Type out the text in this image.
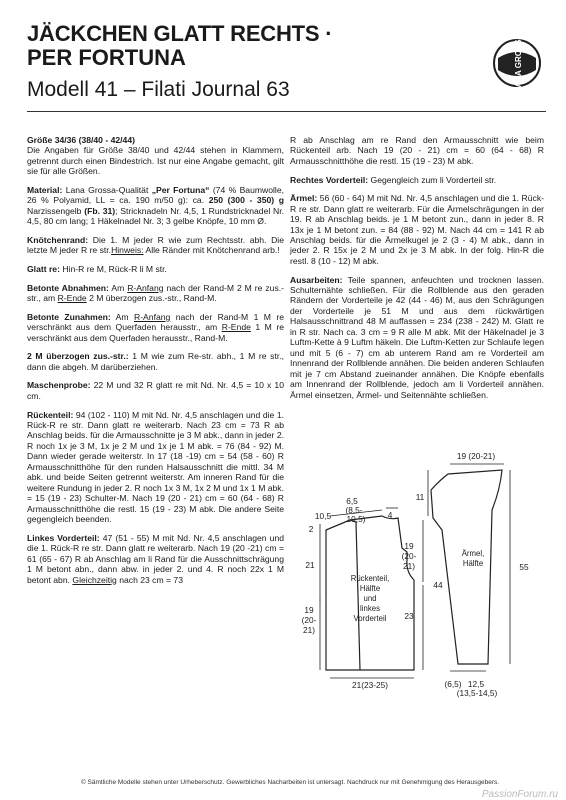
JÄCKCHEN GLATT RECHTS ·
PER FORTUNA
Modell 41 – Filati Journal 63	LANA GROSSA

Größe 34/36 (38/40 - 42/44)
Die Angaben für Größe 38/40 und 42/44 stehen in Klammern, getrennt durch einen Bindestrich. Ist nur eine Angabe gemacht, gilt sie für alle Größen.

Material: Lana Grossa-Qualität „Per Fortuna“ (74 % Baumwolle, 26 % Polyamid, LL = ca. 190 m/50 g): ca. 250 (300 - 350) g Narzissengelb (Fb. 31); Stricknadeln Nr. 4,5, 1 Rundstricknadel Nr. 4,5, 80 cm lang; 1 Häkelnadel Nr. 3; 3 gelbe Knöpfe, 10 mm Ø.

Knötchenrand: Die 1. M jeder R wie zum Rechtsstr. abh. Die letzte M jeder R re str.Hinweis: Alle Ränder mit Knötchenrand arb.!

Glatt re: Hin-R re M, Rück-R li M str.

Betonte Abnahmen: Am R-Anfang nach der Rand-M 2 M re zus.-str., am R-Ende 2 M überzogen zus.-str., Rand-M.

Betonte Zunahmen: Am R-Anfang nach der Rand-M 1 M re verschränkt aus dem Querfaden herausstr., am R-Ende 1 M re verschränkt aus dem Querfaden herausstr., Rand-M.

2 M überzogen zus.-str.: 1 M wie zum Re-str. abh., 1 M re str., dann die abgeh. M darüberziehen.

Maschenprobe: 22 M und 32 R glatt re mit Nd. Nr. 4,5 = 10 x 10 cm.

Rückenteil: 94 (102 - 110) M mit Nd. Nr. 4,5 anschlagen und die 1. Rück-R re str. Dann glatt re weiterarb. Nach 23 cm = 73 R ab Anschlag beids. für die Armausschnitte je 3 M abk., dann in jeder 2. R noch 1x je 3 M, 1x je 2 M und 1x je 1 M abk. = 76 (84 - 92) M. Dann wieder gerade weiterstr. In 17 (18 -19) cm = 54 (58 - 60) R Armausschnitthöhe für den runden Halsausschnitt die mittl. 34 M abk. und beide Seiten getrennt weiterstr. Am inneren Rand für die weitere Rundung in jeder 2. R noch 1x 3 M, 1x 2 M und 1x 1 M abk. = 15 (19 - 23) Schulter-M. Nach 19 (20 - 21) cm = 60 (64 - 68) R Armausschnitthöhe die restl. 15 (19 - 23) M abk. Die andere Seite gegengleich beenden.

Linkes Vorderteil: 47 (51 - 55) M mit Nd. Nr. 4,5 anschlagen und die 1. Rück-R re str. Dann glatt re weiterarb. Nach 19 (20 -21) cm = 61 (65 - 67) R ab Anschlag am li Rand für die Ausschnittschrägung 1 M betont abn., dann abw. in jeder 2. und 4. R noch 22x 1 M betont abn. Gleichzeitig nach 23 cm = 73

R ab Anschlag am re Rand den Armausschnitt wie beim Rückenteil arb. Nach 19 (20 - 21) cm = 60 (64 - 68) R Armausschnitthöhe die restl. 15 (19 - 23) M abk.

Rechtes Vorderteil: Gegengleich zum li Vorderteil str.

Ärmel: 56 (60 - 64) M mit Nd. Nr. 4,5 anschlagen und die 1. Rück-R re str. Dann glatt re weiterarb. Für die Ärmelschrägungen in der 19. R ab Anschlag beids. je 1 M betont zun., dann in jeder 8. R 13x je 1 M betont zun. = 84 (88 - 92) M. Nach 44 cm = 141 R ab Anschlag beids. für die Ärmelkugel je 2 (3 - 4) M abk., dann in jeder 2. R 15x je 2 M und 2x je 3 M abk. In der folg. Hin-R die restl. 8 (10 - 12) M abk.

Ausarbeiten: Teile spannen, anfeuchten und trocknen lassen. Schulternähte schließen. Für die Rollblende aus den geraden Rändern der Vorderteile je 42 (44 - 46) M, aus den Schrägungen der Vorderteile je 51 M und aus dem rückwärtigen Halsausschnittrand 48 M auffassen = 234 (238 - 242) M. Glatt re in R str. Nach ca. 3 cm = 9 R alle M abk. Mit der Häkelnadel je 3 Luftm-Kette à 9 Luftm häkeln. Die Luftm-Ketten zur Schlaufe legen und mit 5 (6 - 7) cm ab unterem Rand am re Vorderteil am Innenrand der Rollblende annähen. Die beiden anderen Schlaufen mit je 7 cm Abstand zueinander annähen. Die Knöpfe ebenfalls am Innenrand der Rollblende, jedoch am li Vorderteil annähen. Ärmel einsetzen, Ärmel- und Seitennähte schließen.

6,5
(8,5-
10,5)
10,5	4
2
19
(20-
21)
21
19
(20-
21)
23
44
21(23-25)
19 (20-21)
11
55
(6,5) 12,5
(13,5-14,5)
Rückenteil,
Hälfte
und
linkes
Vorderteil
Ärmel,
Hälfte
© Sämtliche Modelle stehen unter Urheberschutz. Gewerbliches Nacharbeiten ist untersagt. Nachdruck nur mit Genehmigung des Herausgebers.
PassionForum.ru
